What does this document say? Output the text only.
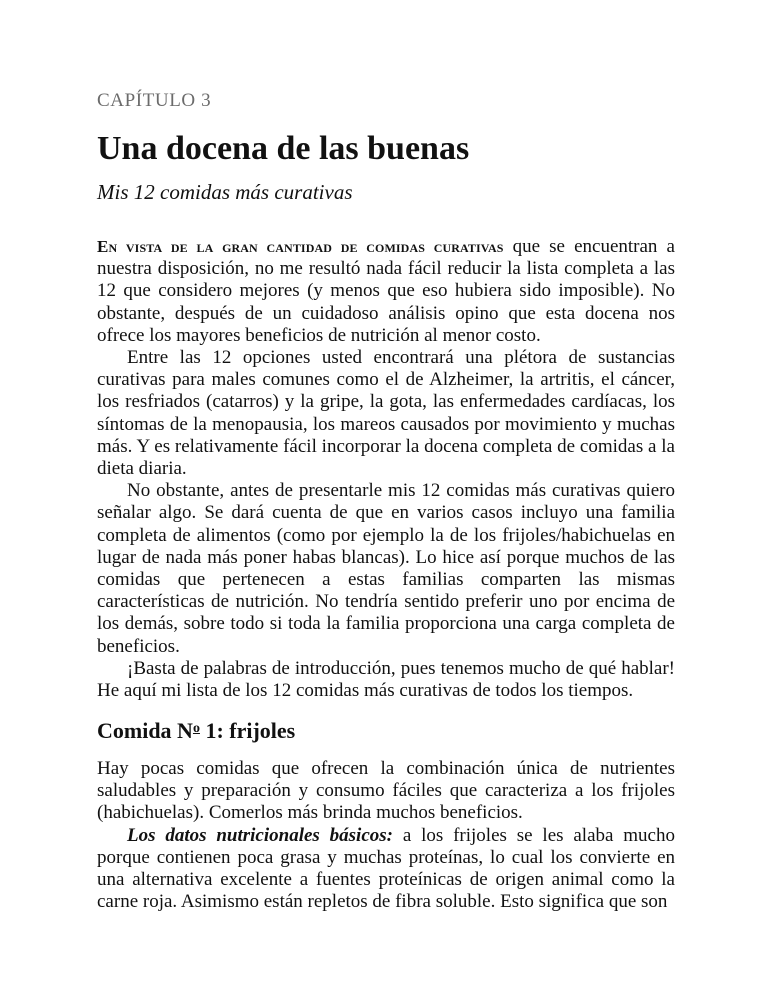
CAPÍTULO 3
Una docena de las buenas
Mis 12 comidas más curativas

En vista de la gran cantidad de comidas curativas que se encuentran a nuestra disposición, no me resultó nada fácil reducir la lista completa a las 12 que considero mejores (y menos que eso hubiera sido imposible). No obstante, después de un cuidadoso análisis opino que esta docena nos ofrece los mayores beneficios de nutrición al menor costo.

Entre las 12 opciones usted encontrará una plétora de sustancias curativas para males comunes como el de Alzheimer, la artritis, el cáncer, los resfriados (catarros) y la gripe, la gota, las enfermedades cardíacas, los síntomas de la menopausia, los mareos causados por movimiento y muchas más. Y es relativamente fácil incorporar la docena completa de comidas a la dieta diaria.

No obstante, antes de presentarle mis 12 comidas más curativas quiero señalar algo. Se dará cuenta de que en varios casos incluyo una familia completa de alimentos (como por ejemplo la de los frijoles/habichuelas en lugar de nada más poner habas blancas). Lo hice así porque muchos de las comidas que pertenecen a estas familias comparten las mismas características de nutrición. No tendría sentido preferir uno por encima de los demás, sobre todo si toda la familia proporciona una carga completa de beneficios.

¡Basta de palabras de introducción, pues tenemos mucho de qué hablar! He aquí mi lista de los 12 comidas más curativas de todos los tiempos.

Comida $N^o$ 1: frijoles

Hay pocas comidas que ofrecen la combinación única de nutrientes saludables y preparación y consumo fáciles que caracteriza a los frijoles (habichuelas). Comerlos más brinda muchos beneficios.

Los datos nutricionales básicos: a los frijoles se les alaba mucho porque contienen poca grasa y muchas proteínas, lo cual los convierte en una alternativa excelente a fuentes proteínicas de origen animal como la carne roja. Asimismo están repletos de fibra soluble. Esto significa que son
